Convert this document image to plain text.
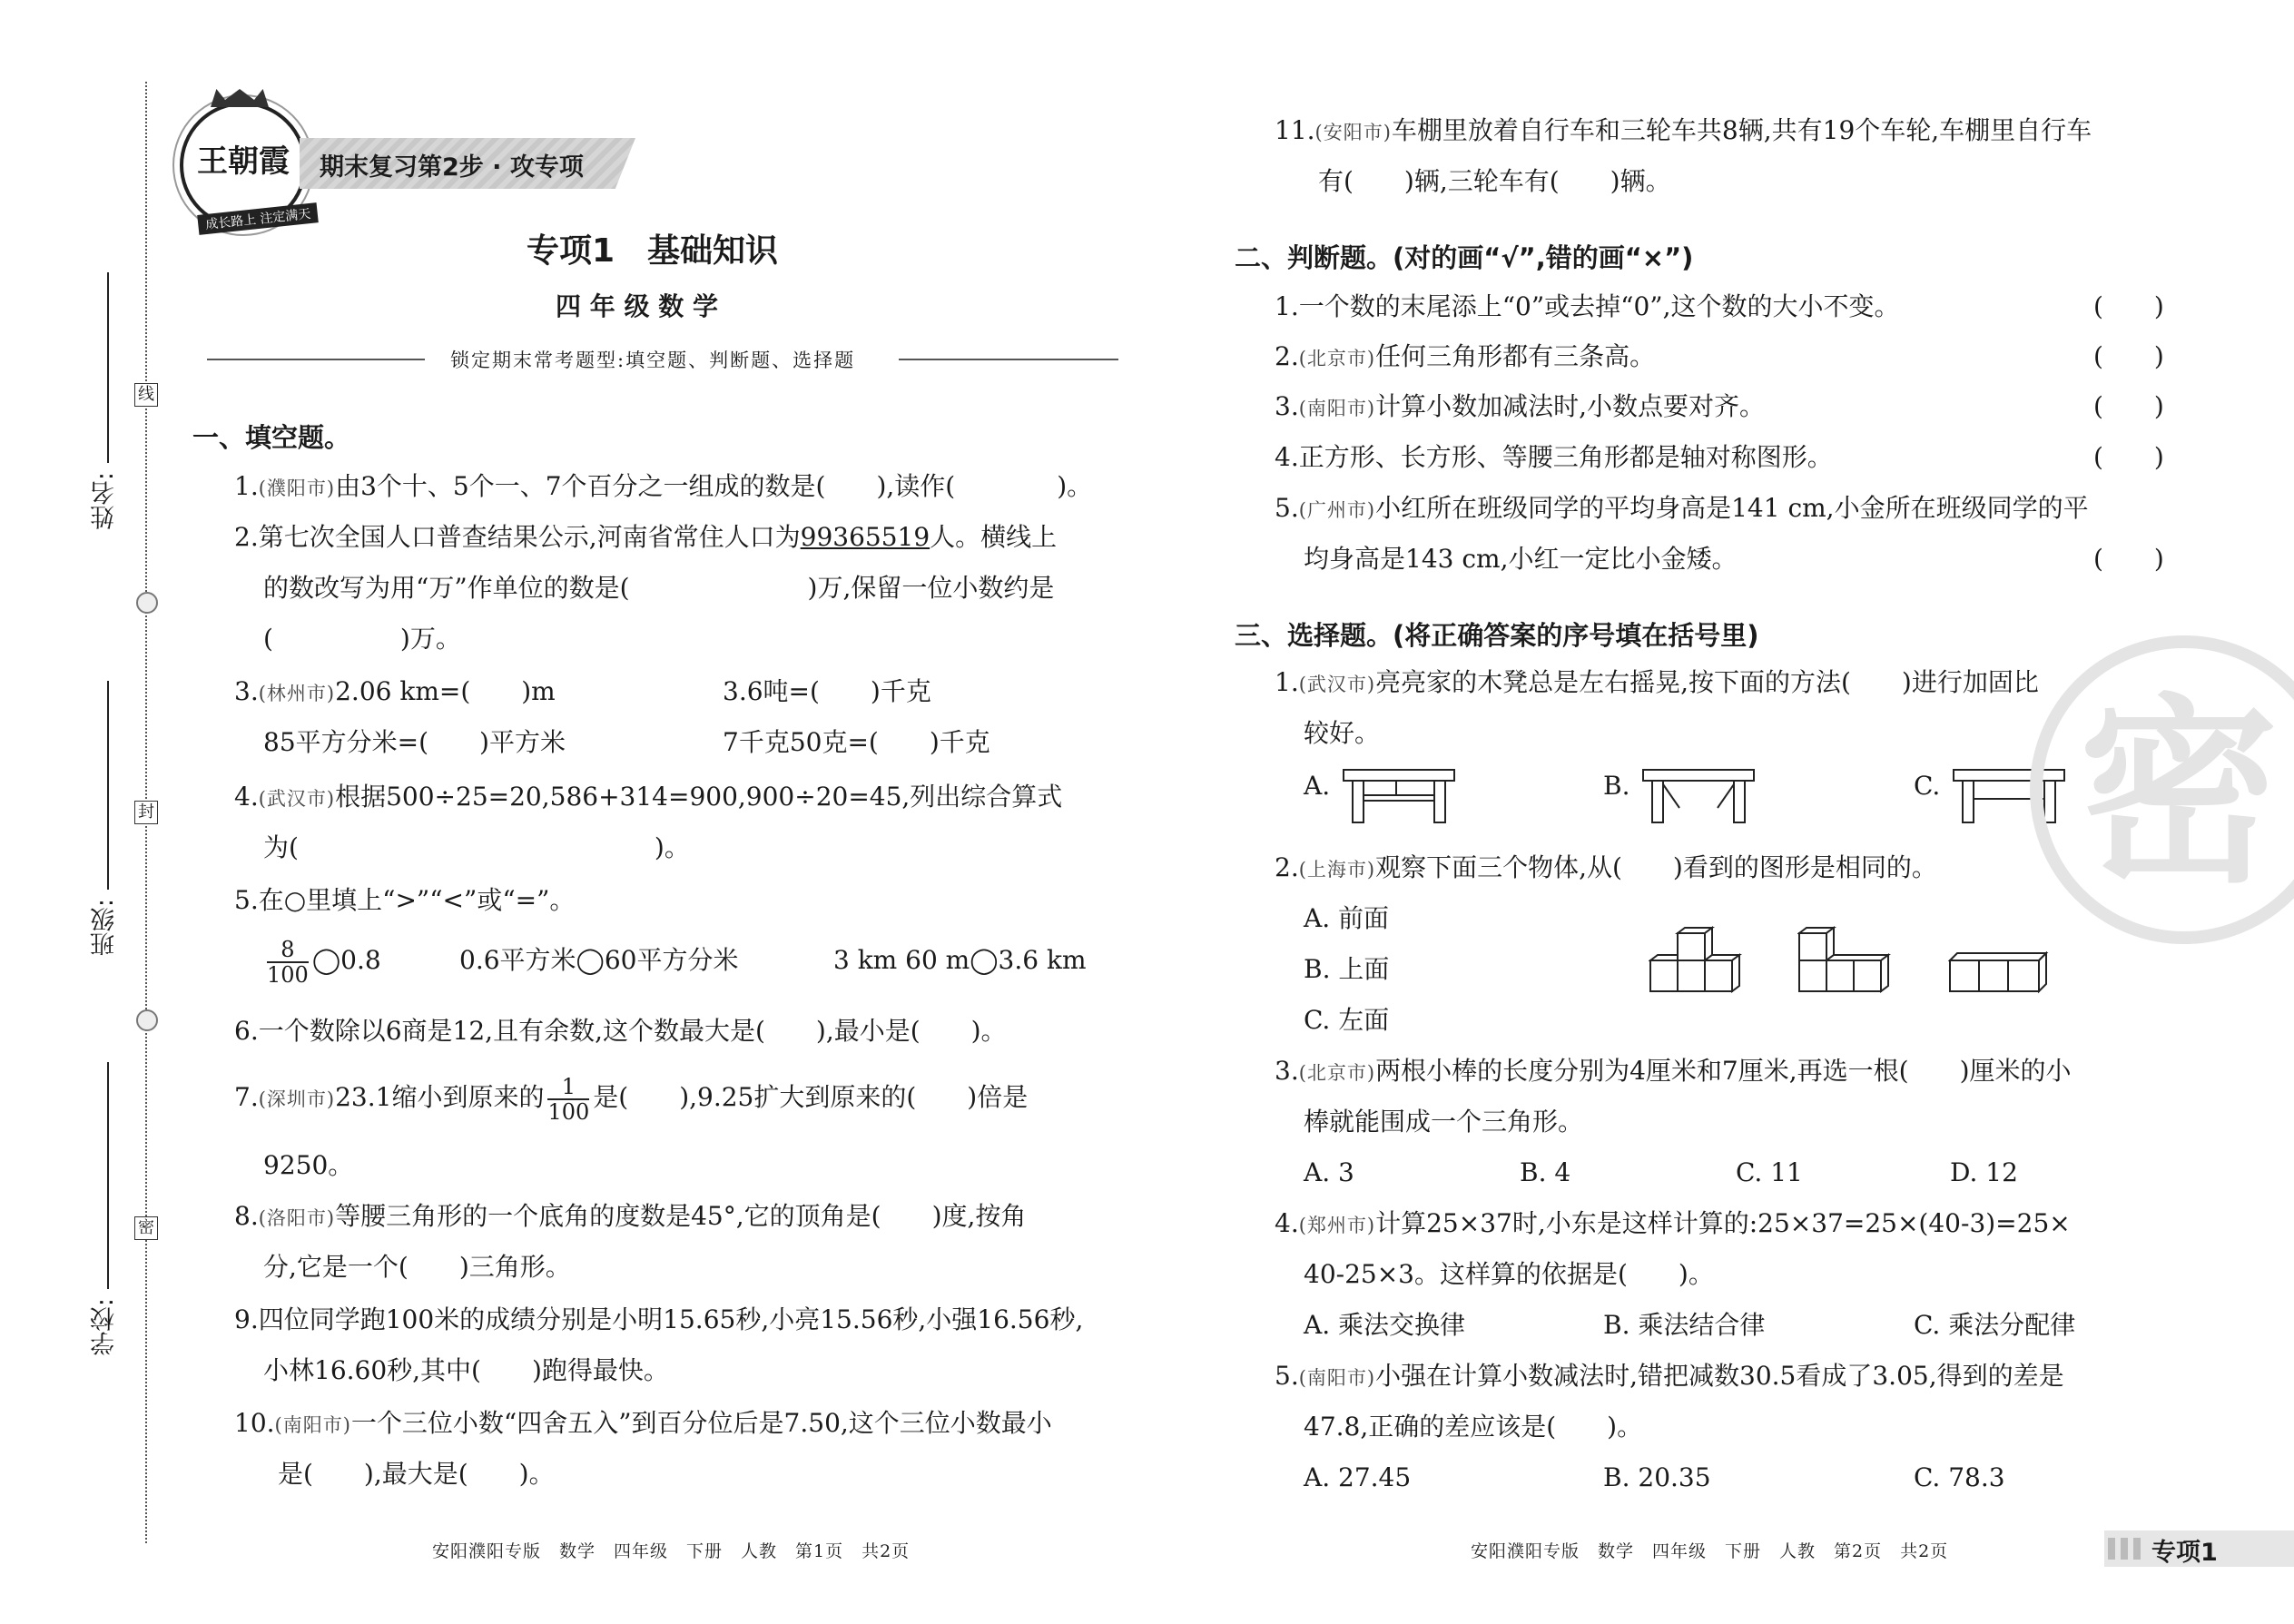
线
封
密
姓名:
班级:
学校:
王朝霞
成长路上 注定满天
期末复习第2步 · 攻专项
专项1　基础知识
四 年 级 数 学
锁定期末常考题型:填空题、判断题、选择题
一、填空题。
1.(濮阳市)由3个十、5个一、7个百分之一组成的数是(　　),读作(　　　　)。
2.第七次全国人口普查结果公示,河南省常住人口为99365519人。横线上
的数改写为用“万”作单位的数是(　　　　　　　)万,保留一位小数约是
(　　　　　)万。
3.(林州市)2.06 km=(　　)m	3.6吨=(　　)千克
85平方分米=(　　)平方米	7千克50克=(　　)千克
4.(武汉市)根据500÷25=20,586+314=900,900÷20=45,列出综合算式
为(　　　　　　　　　　　　　　)。
5.在○里填上“>”“<”或“=”。
$\frac{8}{100}$ ◯0.8	0.6平方米◯60平方分米	3 km 60 m◯3.6 km
6.一个数除以6商是12,且有余数,这个数最大是(　　),最小是(　　)。
7.(深圳市)23.1缩小到原来的 $\frac{1}{100}$ 是(　　),9.25扩大到原来的(　　)倍是
9250。
8.(洛阳市)等腰三角形的一个底角的度数是45°,它的顶角是(　　)度,按角
分,它是一个(　　)三角形。
9.四位同学跑100米的成绩分别是小明15.65秒,小亮15.56秒,小强16.56秒,
小林16.60秒,其中(　　)跑得最快。
10.(南阳市)一个三位小数“四舍五入”到百分位后是7.50,这个三位小数最小
是(　　),最大是(　　)。
安阳濮阳专版　数学　四年级　下册　人教　第1页　共2页
11.(安阳市)车棚里放着自行车和三轮车共8辆,共有19个车轮,车棚里自行车
有(　　)辆,三轮车有(　　)辆。
二、判断题。(对的画“√”,错的画“×”)
1.一个数的末尾添上“0”或去掉“0”,这个数的大小不变。	(　　)
2.(北京市)任何三角形都有三条高。	(　　)
3.(南阳市)计算小数加减法时,小数点要对齐。	(　　)
4.正方形、长方形、等腰三角形都是轴对称图形。	(　　)
5.(广州市)小红所在班级同学的平均身高是141 cm,小金所在班级同学的平
均身高是143 cm,小红一定比小金矮。	(　　)
三、选择题。(将正确答案的序号填在括号里)
1.(武汉市)亮亮家的木凳总是左右摇晃,按下面的方法(　　)进行加固比
较好。
A.	B.	C.
2.(上海市)观察下面三个物体,从(　　)看到的图形是相同的。
A. 前面
B. 上面
C. 左面
3.(北京市)两根小棒的长度分别为4厘米和7厘米,再选一根(　　)厘米的小
棒就能围成一个三角形。
A. 3	B. 4	C. 11	D. 12
4.(郑州市)计算25×37时,小东是这样计算的:25×37=25×(40-3)=25×
40-25×3。这样算的依据是(　　)。
A. 乘法交换律	B. 乘法结合律	C. 乘法分配律
5.(南阳市)小强在计算小数减法时,错把减数30.5看成了3.05,得到的差是
47.8,正确的差应该是(　　)。
A. 27.45	B. 20.35	C. 78.3
密
安阳濮阳专版　数学　四年级　下册　人教　第2页　共2页	专项1
